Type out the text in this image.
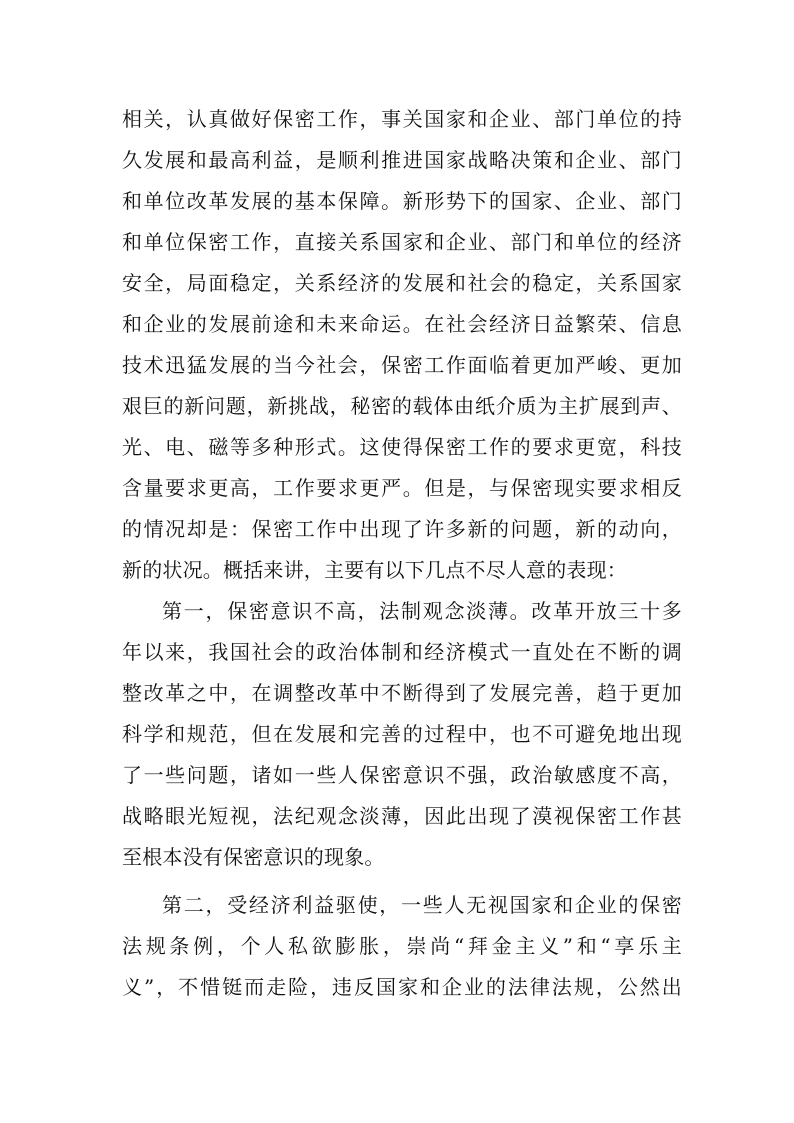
相关，认真做好保密工作，事关国家和企业、部门单位的持
久发展和最高利益，是顺利推进国家战略决策和企业、部门
和单位改革发展的基本保障。新形势下的国家、企业、部门
和单位保密工作，直接关系国家和企业、部门和单位的经济
安全，局面稳定，关系经济的发展和社会的稳定，关系国家
和企业的发展前途和未来命运。在社会经济日益繁荣、信息
技术迅猛发展的当今社会，保密工作面临着更加严峻、更加
艰巨的新问题，新挑战，秘密的载体由纸介质为主扩展到声、
光、电、磁等多种形式。这使得保密工作的要求更宽，科技
含量要求更高，工作要求更严。但是，与保密现实要求相反
的情况却是：保密工作中出现了许多新的问题，新的动向，
新的状况。概括来讲，主要有以下几点不尽人意的表现：
第一，保密意识不高，法制观念淡薄。改革开放三十多
年以来，我国社会的政治体制和经济模式一直处在不断的调
整改革之中，在调整改革中不断得到了发展完善，趋于更加
科学和规范，但在发展和完善的过程中，也不可避免地出现
了一些问题，诸如一些人保密意识不强，政治敏感度不高，
战略眼光短视，法纪观念淡薄，因此出现了漠视保密工作甚
至根本没有保密意识的现象。
第二，受经济利益驱使，一些人无视国家和企业的保密
法规条例，个人私欲膨胀，崇尚“拜金主义”和“享乐主
义”，不惜铤而走险，违反国家和企业的法律法规，公然出
